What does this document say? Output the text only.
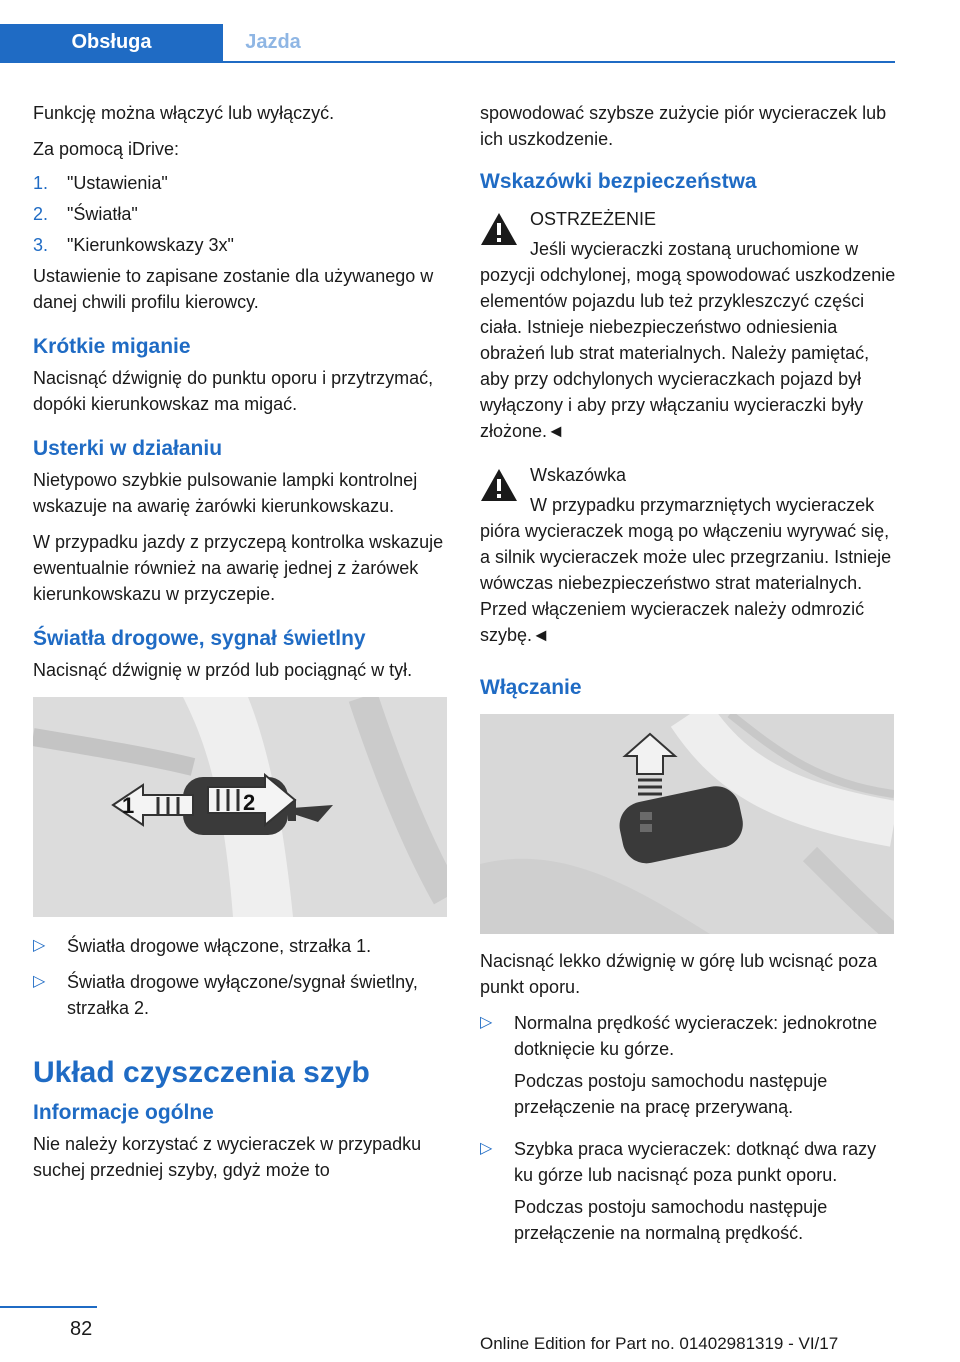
Obsługa	Jazda

Funkcję można włączyć lub wyłączyć.

Za pomocą iDrive:

1.	"Ustawienia"
2.	"Światła"
3.	"Kierunkowskazy 3x"

Ustawienie to zapisane zostanie dla używanego w danej chwili profilu kierowcy.

Krótkie miganie

Nacisnąć dźwignię do punktu oporu i przytrzymać, dopóki kierunkowskaz ma migać.

Usterki w działaniu

Nietypowo szybkie pulsowanie lampki kontrolnej wskazuje na awarię żarówki kierunkowskazu.

W przypadku jazdy z przyczepą kontrolka wskazuje ewentualnie również na awarię jednej z żarówek kierunkowskazu w przyczepie.

Światła drogowe, sygnał świetlny

Nacisnąć dźwignię w przód lub pociągnąć w tył.

1	2
▷	Światła drogowe włączone, strzałka 1.
▷	Światła drogowe wyłączone/sygnał świetlny, strzałka 2.
Układ czyszczenia szyb
Informacje ogólne

Nie należy korzystać z wycieraczek w przypadku suchej przedniej szyby, gdyż może to

spowodować szybsze zużycie piór wycieraczek lub ich uszkodzenie.

Wskazówki bezpieczeństwa
OSTRZEŻENIE

Jeśli wycieraczki zostaną uruchomione w pozycji odchylonej, mogą spowodować uszkodzenie elementów pojazdu lub też przykleszczyć części ciała. Istnieje niebezpieczeństwo odniesienia obrażeń lub strat materialnych. Należy pamiętać, aby przy odchylonych wycieraczkach pojazd był wyłączony i aby przy włączaniu wycieraczki były złożone.◄

Wskazówka

W przypadku przymarzniętych wycieraczek pióra wycieraczek mogą po włączeniu wyrywać się, a silnik wycieraczek może ulec przegrzaniu. Istnieje wówczas niebezpieczeństwo strat materialnych. Przed włączeniem wycieraczek należy odmrozić szybę.◄

Włączanie

Nacisnąć lekko dźwignię w górę lub wcisnąć poza punkt oporu.

▷	Normalna prędkość wycieraczek: jednokrotne dotknięcie ku górze.

Podczas postoju samochodu następuje przełączenie na pracę przerywaną.

▷	Szybka praca wycieraczek: dotknąć dwa razy ku górze lub nacisnąć poza punkt oporu.

Podczas postoju samochodu następuje przełączenie na normalną prędkość.

82
Online Edition for Part no. 01402981319 - VI/17
